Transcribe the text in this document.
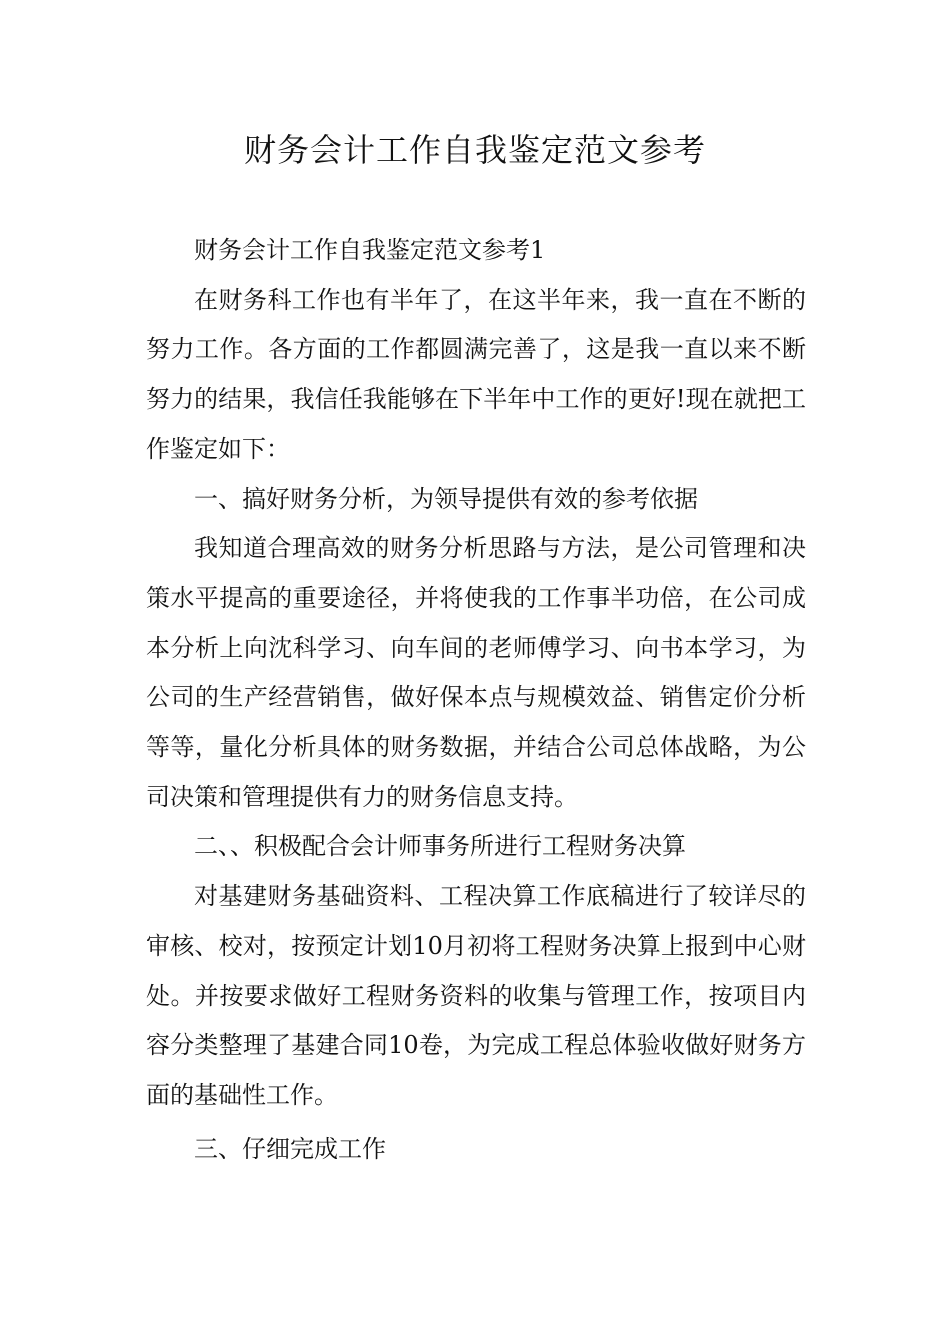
财务会计工作自我鉴定范文参考

财务会计工作自我鉴定范文参考1

在财务科工作也有半年了，在这半年来，我一直在不断的努力工作。各方面的工作都圆满完善了，这是我一直以来不断努力的结果，我信任我能够在下半年中工作的更好!现在就把工作鉴定如下：

一、搞好财务分析，为领导提供有效的参考依据

我知道合理高效的财务分析思路与方法，是公司管理和决策水平提高的重要途径，并将使我的工作事半功倍，在公司成本分析上向沈科学习、向车间的老师傅学习、向书本学习，为公司的生产经营销售，做好保本点与规模效益、销售定价分析等等，量化分析具体的财务数据，并结合公司总体战略，为公司决策和管理提供有力的财务信息支持。

二、、积极配合会计师事务所进行工程财务决算

对基建财务基础资料、工程决算工作底稿进行了较详尽的审核、校对，按预定计划10月初将工程财务决算上报到中心财处。并按要求做好工程财务资料的收集与管理工作，按项目内容分类整理了基建合同10卷，为完成工程总体验收做好财务方面的基础性工作。

三、仔细完成工作
